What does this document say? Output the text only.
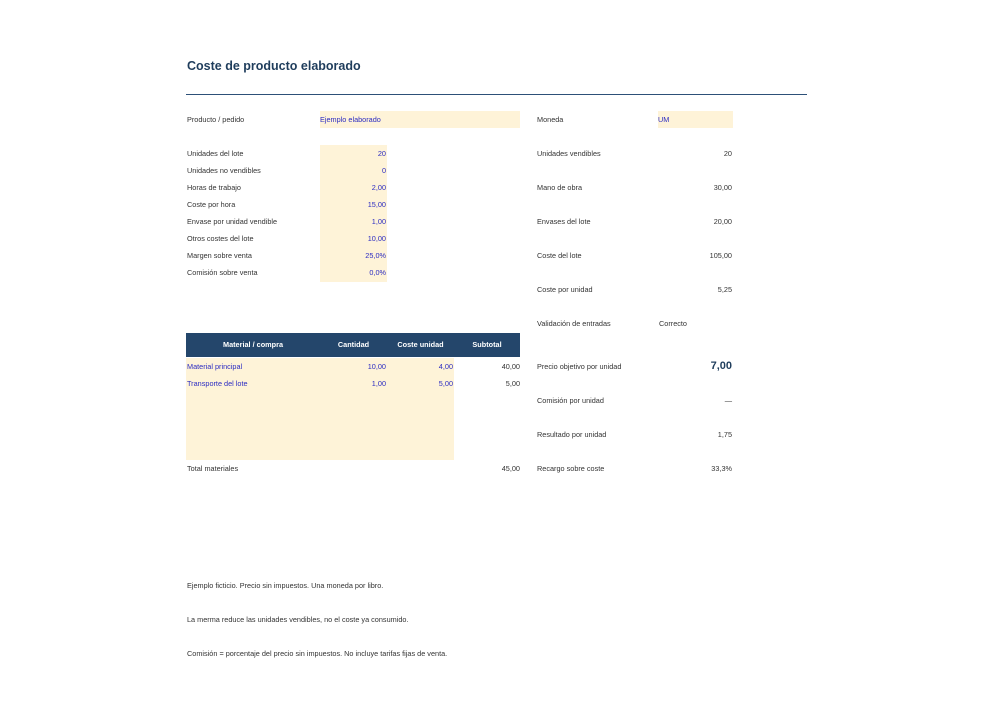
Coste de producto elaborado
Producto / pedido	Ejemplo elaborado	Moneda	UM
Unidades del lote	20
Unidades no vendibles	0
Horas de trabajo	2,00
Coste por hora	15,00
Envase por unidad vendible	1,00
Otros costes del lote	10,00
Margen sobre venta	25,0%
Comisión sobre venta	0,0%
Unidades vendibles	20
Mano de obra	30,00
Envases del lote	20,00
Coste del lote	105,00
Coste por unidad	5,25
Validación de entradas	Correcto
Precio objetivo por unidad	7,00
Comisión por unidad	—
Resultado por unidad	1,75
Recargo sobre coste	33,3%
Material / compra	Cantidad	Coste unidad	Subtotal
Material principal	10,00	4,00	40,00
Transporte del lote	1,00	5,00	5,00
Total materiales	45,00
Ejemplo ficticio. Precio sin impuestos. Una moneda por libro.
La merma reduce las unidades vendibles, no el coste ya consumido.
Comisión = porcentaje del precio sin impuestos. No incluye tarifas fijas de venta.
